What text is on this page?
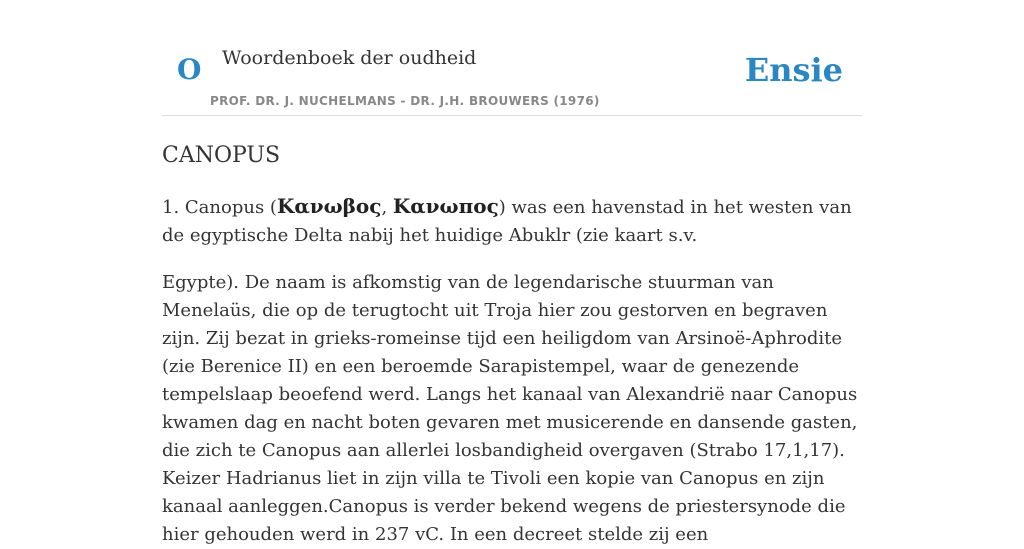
O Woordenboek der oudheid
PROF. DR. J. NUCHELMANS - DR. J.H. BROUWERS (1976)
Ensie
CANOPUS

1. Canopus (Κανωβος, Κανωπος) was een havenstad in het westen van de egyptische Delta nabij het huidige Abuklr (zie kaart s.v.

Egypte). De naam is afkomstig van de legendarische stuurman van Menelaüs, die op de terugtocht uit Troja hier zou gestorven en begraven zijn. Zij bezat in grieks-romeinse tijd een heiligdom van Arsinoë-Aphrodite (zie Berenice II) en een beroemde Sarapistempel, waar de genezende tempelslaap beoefend werd. Langs het kanaal van Alexandrië naar Canopus kwamen dag en nacht boten gevaren met musicerende en dansende gasten, die zich te Canopus aan allerlei losbandigheid overgaven (Strabo 17,1,17). Keizer Hadrianus liet in zijn villa te Tivoli een kopie van Canopus en zijn kanaal aanleggen.Canopus is verder bekend wegens de priestersynode die hier gehouden werd in 237 vC. In een decreet stelde zij een
